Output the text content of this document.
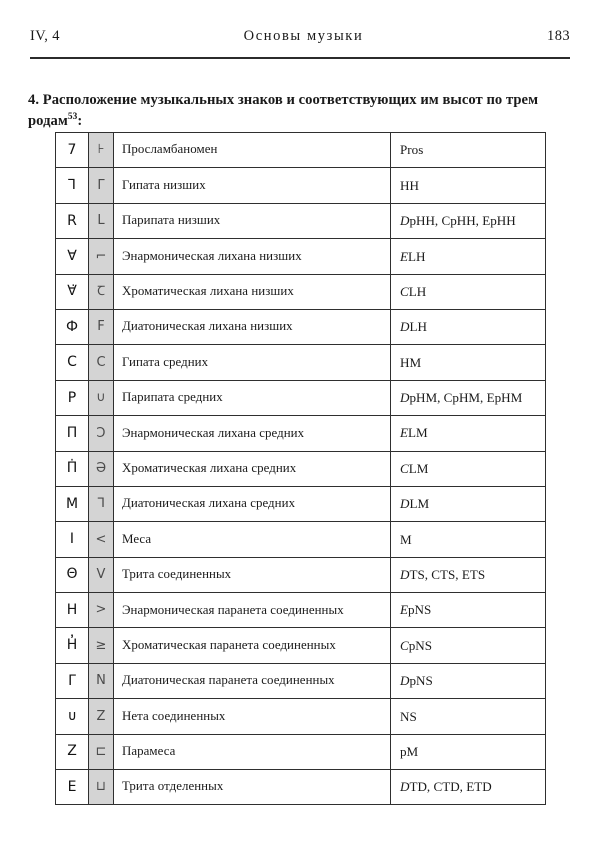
IV, 4	Основы музыки	183
4. Расположение музыкальных знаков и соответствующих им высот по трем родам$^{53}$:
7	⊦	Просламбаномен	Pros
⅂	Γ	Гипата низших	HH
R	L	Парипата низших	DpHH, CpHH, EpHH
∀	⌐	Энармоническая лихана низших	ELH
∀̇	Ꞇ	Хроматическая лихана низших	CLH
Ф	F	Диатоническая лихана низших	DLH
C	C	Гипата средних	HM
P	∪	Парипата средних	DpHM, CpHM, EpHM
П	Ͻ	Энармоническая лихана средних	ELM
П̇	Ә	Хроматическая лихана средних	CLM
M	ᒣ	Диатоническая лихана средних	DLM
I	<	Меса	M
Θ	V	Трита соединенных	DTS, CTS, ETS
H	>	Энармоническая паранета соединенных	EpNS
H̓	≥	Хроматическая паранета соединенных	CpNS
Γ	N	Диатоническая паранета соединенных	DpNS
ᴜ	Z	Нета соединенных	NS
Z	⊏	Парамеса	pM
E	⊔	Трита отделенных	DTD, CTD, ETD
